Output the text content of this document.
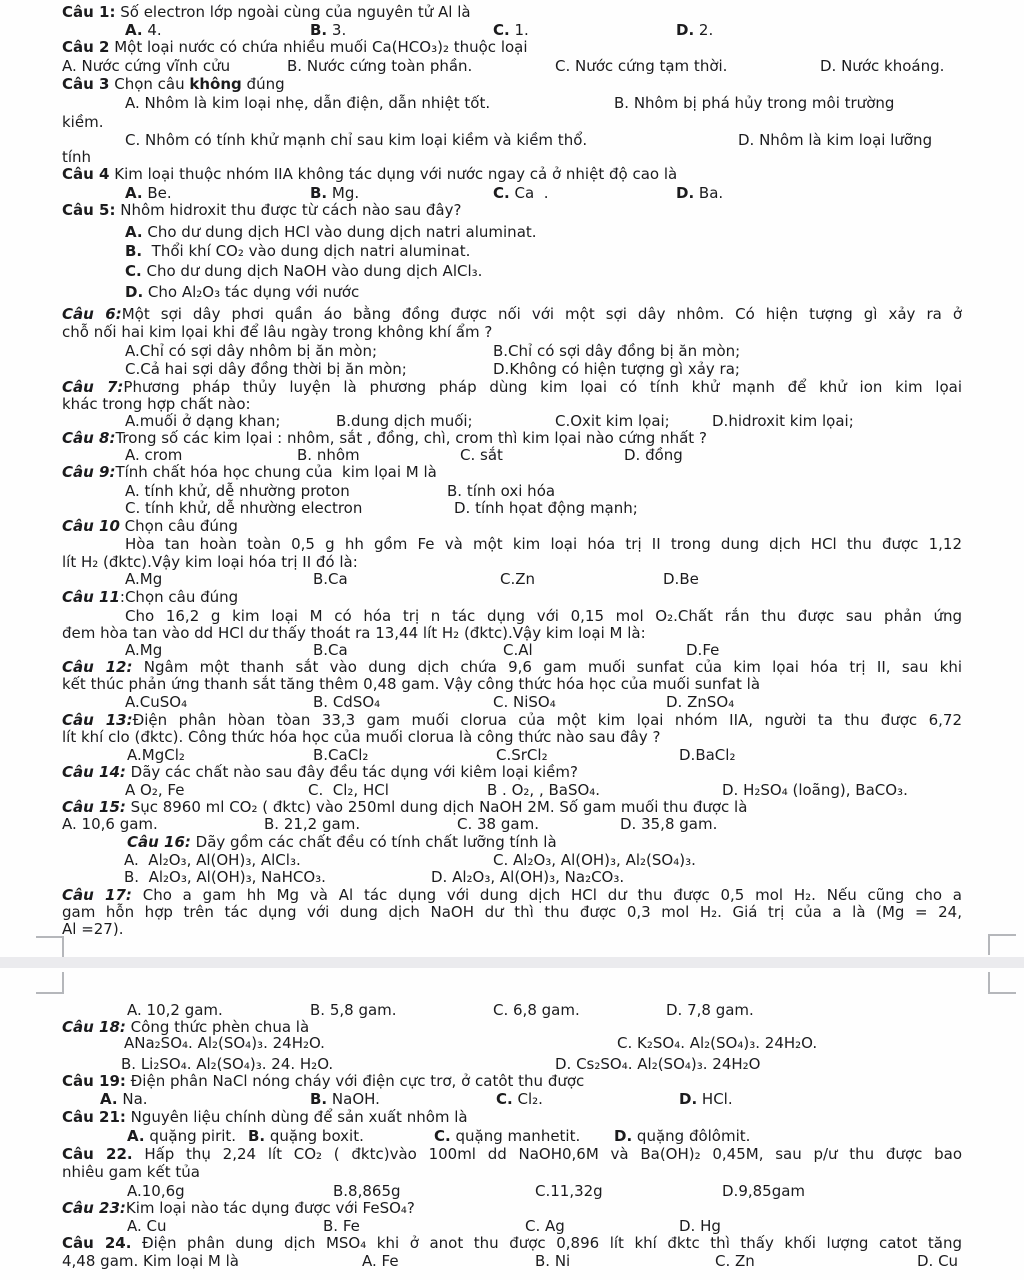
Câu 1: Số electron lớp ngoài cùng của nguyên tử Al là
A. 4.	B. 3.	C. 1.	D. 2.
Câu 2 Một loại nước có chứa nhiều muối Ca(HCO₃)₂ thuộc loại
A. Nước cứng vĩnh cửu	B. Nước cứng toàn phần.	C. Nước cứng tạm thời.	D. Nước khoáng.
Câu 3 Chọn câu không đúng
A. Nhôm là kim loại nhẹ, dẫn điện, dẫn nhiệt tốt.	B. Nhôm bị phá hủy trong môi trường
kiềm.
C. Nhôm có tính khử mạnh chỉ sau kim loại kiềm và kiềm thổ.	D. Nhôm là kim loại lưỡng
tính
Câu 4 Kim loại thuộc nhóm IIA không tác dụng với nước ngay cả ở nhiệt độ cao là
A. Be.	B. Mg.	C. Ca  .	D. Ba.
Câu 5: Nhôm hidroxit thu được từ cách nào sau đây?
A. Cho dư dung dịch HCl vào dung dịch natri aluminat.
B.  Thổi khí CO₂ vào dung dịch natri aluminat.
C. Cho dư dung dịch NaOH vào dung dịch AlCl₃.
D. Cho Al₂O₃ tác dụng với nước
Câu 6:Một sợi dây phơi quần áo bằng đồng được nối với một sợi dây nhôm. Có hiện tượng gì xảy ra ở
chỗ nối hai kim lọai khi để lâu ngày trong không khí ẩm ?
A.Chỉ có sợi dây nhôm bị ăn mòn;	B.Chỉ có sợi dây đồng bị ăn mòn;
C.Cả hai sợi dây đồng thời bị ăn mòn;	D.Không có hiện tượng gì xảy ra;
Câu 7:Phương pháp thủy luyện là phương pháp dùng kim lọai có tính khử mạnh để khử ion kim lọai
khác trong hợp chất nào:
A.muối ở dạng khan;	B.dung dịch muối;	C.Oxit kim lọai;	D.hidroxit kim lọai;
Câu 8:Trong số các kim lọai : nhôm, sắt , đồng, chì, crom thì kim lọai nào cứng nhất ?
A. crom	B. nhôm	C. sắt	D. đồng
Câu 9:Tính chất hóa học chung của  kim lọai M là
A. tính khử, dễ nhường proton	B. tính oxi hóa
C. tính khử, dễ nhường electron	D. tính họat động mạnh;
Câu 10 Chọn câu đúng
Hòa tan hoàn toàn 0,5 g hh gồm Fe và một kim loại hóa trị II trong dung dịch HCl thu được 1,12
lít H₂ (đktc).Vậy kim loại hóa trị II đó là:
A.Mg	B.Ca	C.Zn	D.Be
Câu 11:Chọn câu đúng
Cho 16,2 g kim loại M có hóa trị n tác dụng với 0,15 mol O₂.Chất rắn thu được sau phản ứng
đem hòa tan vào dd HCl dư thấy thoát ra 13,44 lít H₂ (đktc).Vậy kim loại M là:
A.Mg	B.Ca	C.Al	D.Fe
Câu 12: Ngâm một thanh sắt vào dung dịch chứa 9,6 gam muối sunfat của kim lọai hóa trị II, sau khi
kết thúc phản ứng thanh sắt tăng thêm 0,48 gam. Vậy công thức hóa học của muối sunfat là
A.CuSO₄	B. CdSO₄	C. NiSO₄	D. ZnSO₄
Câu 13:Điện phân hòan tòan 33,3 gam muối clorua của một kim lọai nhóm IIA, người ta thu được 6,72
lít khí clo (đktc). Công thức hóa học của muối clorua là công thức nào sau đây ?
A.MgCl₂	B.CaCl₂	C.SrCl₂	D.BaCl₂
Câu 14: Dãy các chất nào sau đây đều tác dụng với kiêm loại kiềm?
A O₂, Fe	C.  Cl₂, HCl	B . O₂, , BaSO₄.	D. H₂SO₄ (loãng), BaCO₃.
Câu 15: Sục 8960 ml CO₂ ( đktc) vào 250ml dung dịch NaOH 2M. Số gam muối thu được là
A. 10,6 gam.	B. 21,2 gam.	C. 38 gam.	D. 35,8 gam.
Câu 16: Dãy gồm các chất đều có tính chất lưỡng tính là
A.  Al₂O₃, Al(OH)₃, AlCl₃.	C. Al₂O₃, Al(OH)₃, Al₂(SO₄)₃.
B.  Al₂O₃, Al(OH)₃, NaHCO₃.	D. Al₂O₃, Al(OH)₃, Na₂CO₃.
Câu 17: Cho a gam hh Mg và Al tác dụng với dung dịch HCl dư thu được 0,5 mol H₂. Nếu cũng cho a
gam hỗn hợp trên tác dụng với dung dịch NaOH dư thì thu được 0,3 mol H₂. Giá trị của a là (Mg = 24,
Al =27).
A. 10,2 gam.	B. 5,8 gam.	C. 6,8 gam.	D. 7,8 gam.
Câu 18: Công thức phèn chua là
ANa₂SO₄. Al₂(SO₄)₃. 24H₂O.	C. K₂SO₄. Al₂(SO₄)₃. 24H₂O.
B. Li₂SO₄. Al₂(SO₄)₃. 24. H₂O.	D. Cs₂SO₄. Al₂(SO₄)₃. 24H₂O
Câu 19: Điện phân NaCl nóng cháy với điện cực trơ, ở catôt thu được
A. Na.	B. NaOH.	C. Cl₂.	D. HCl.
Câu 21: Nguyên liệu chính dùng để sản xuất nhôm là
A. quặng pirit. B. quặng boxit.	C. quặng manhetit. D. quặng đôlômit.
Câu 22. Hấp thụ 2,24 lít CO₂ ( đktc)vào 100ml dd NaOH0,6M và Ba(OH)₂ 0,45M, sau p/ư thu được bao
nhiêu gam kết tủa
A.10,6g	B.8,865g	C.11,32g	D.9,85gam
Câu 23:Kim loại nào tác dụng được với FeSO₄?
A. Cu	B. Fe	C. Ag	D. Hg
Câu 24. Điện phân dung dịch MSO₄ khi ở anot thu được 0,896 lít khí đktc thì thấy khối lượng catot tăng
4,48 gam. Kim loại M là	A. Fe	B. Ni	C. Zn	D. Cu
